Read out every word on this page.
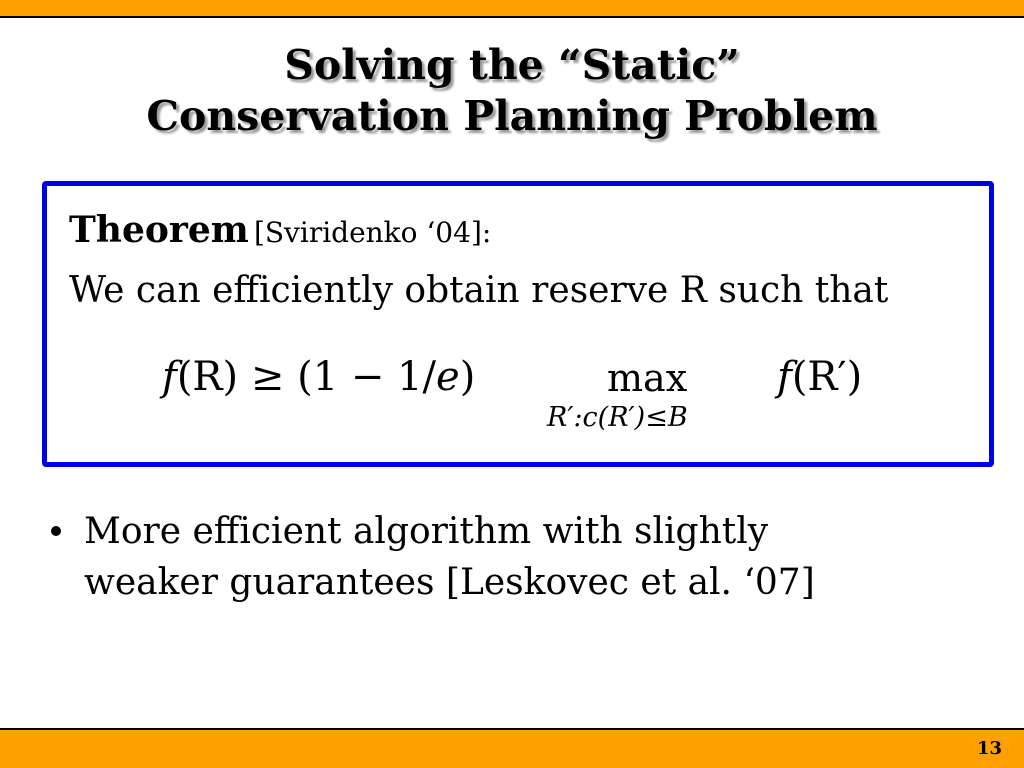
Solving the “Static”
Conservation Planning Problem
Theorem [Sviridenko ‘04]:
We can efficiently obtain reserve R such that
f(R) ≥ (1 − 1/e)	max
R′:c(R′)≤B
f(R′)
More efficient algorithm with slightly
weaker guarantees [Leskovec et al. ‘07]
13
